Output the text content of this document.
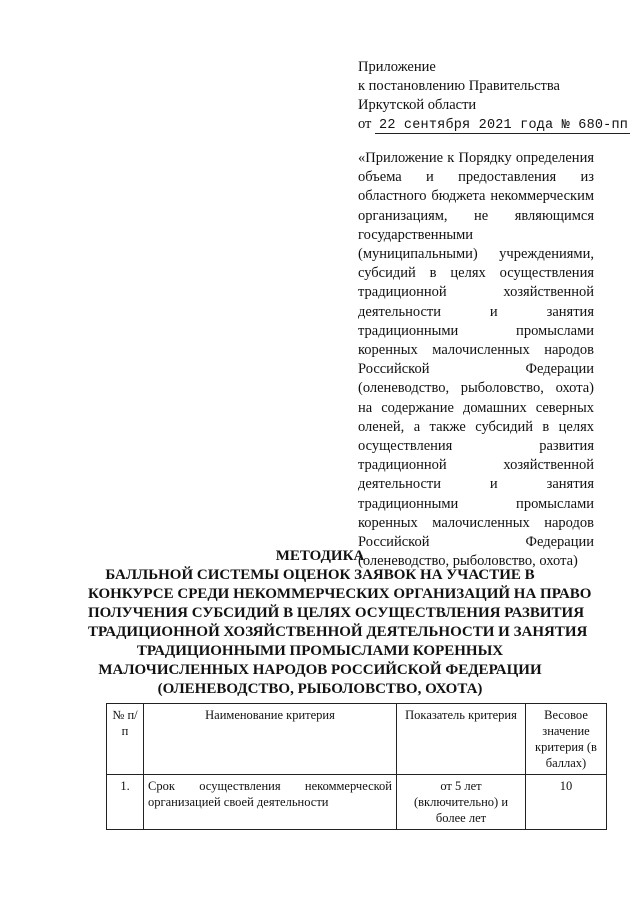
Приложение
к постановлению Правительства
Иркутской области
от 22 сентября 2021 года № 680-пп

«Приложение к Порядку определения объема и предоставления из областного бюджета некоммерческим организациям, не являющимся государственными (муниципальными) учреждениями, субсидий в целях осуществления традиционной хозяйственной деятельности и занятия традиционными промыслами коренных малочисленных народов Российской Федерации (оленеводство, рыболовство, охота) на содержание домашних северных оленей, а также субсидий в целях осуществления развития традиционной хозяйственной деятельности и занятия традиционными промыслами коренных малочисленных народов Российской Федерации (оленеводство, рыболовство, охота)

МЕТОДИКА
БАЛЛЬНОЙ СИСТЕМЫ ОЦЕНОК ЗАЯВОК НА УЧАСТИЕ В
КОНКУРСЕ СРЕДИ НЕКОММЕРЧЕСКИХ ОРГАНИЗАЦИЙ НА ПРАВО
ПОЛУЧЕНИЯ СУБСИДИЙ В ЦЕЛЯХ ОСУЩЕСТВЛЕНИЯ РАЗВИТИЯ
ТРАДИЦИОННОЙ ХОЗЯЙСТВЕННОЙ ДЕЯТЕЛЬНОСТИ И ЗАНЯТИЯ
ТРАДИЦИОННЫМИ ПРОМЫСЛАМИ КОРЕННЫХ
МАЛОЧИСЛЕННЫХ НАРОДОВ РОССИЙСКОЙ ФЕДЕРАЦИИ
(ОЛЕНЕВОДСТВО, РЫБОЛОВСТВО, ОХОТА)
№ п/п	Наименование критерия	Показатель критерия	Весовое значение критерия (в баллах)
1.	Срок осуществления некоммерческой организацией своей деятельности	от 5 лет (включительно) и более лет	10
